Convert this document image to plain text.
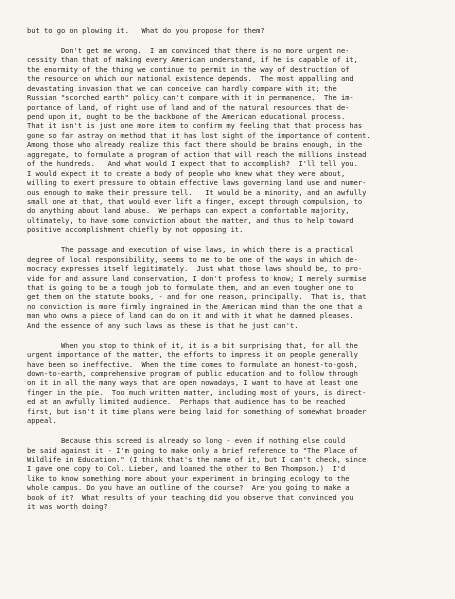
but to go on plowing it.   What do you propose for them?
Don't get me wrong.  I am convinced that there is no more urgent ne-
cessity than that of making every American understand, if he is capable of it,
the enormity of the thing we continue to permit in the way of destruction of
the resource on which our national existence depends.  The most appalling and
devastating invasion that we can conceive can hardly compare with it; the
Russian "scorched earth" policy can't compare with it in permanence.  The im-
portance of land, of right use of land and of the natural resources that de-
pend upon it, ought to be the backbone of the American educational process.
That it isn't is just one more item to confirm my feeling that that process has
gone so far astray on method that it has lost sight of the importance of content.
Among those who already realize this fact there should be brains enough, in the
aggregate, to formulate a program of action that will reach the millions instead
of the hundreds.   And what would I expect that to accomplish?  I'll tell you.
I would expect it to create a body of people who knew what they were about,
willing to exert pressure to obtain effective laws governing land use and numer-
ous enough to make their pressure tell.   It would be a minority, and an awfully
small one at that, that would ever lift a finger, except through compulsion, to
do anything about land abuse.  We perhaps can expect a comfortable majority,
ultimately, to have some conviction about the matter, and thus to help toward
positive accomplishment chiefly by not opposing it.
The passage and execution of wise laws, in which there is a practical
degree of local responsibility, seems to me to be one of the ways in which de-
mocracy expresses itself legitimately.  Just what those laws should be, to pro-
vide for and assure land conservation, I don't profess to know; I merely surmise
that is going to be a tough job to formulate them, and an even tougher one to
get them on the statute books, - and for one reason, principally.  That is, that
no conviction is more firmly ingrained in the American mind than the one that a
man who owns a piece of land can do on it and with it what he damned pleases.
And the essence of any such laws as these is that he just can't.
When you stop to think of it, it is a bit surprising that, for all the
urgent importance of the matter, the efforts to impress it on people generally
have been so ineffective.  When the time comes to formulate an honest-to-gosh,
down-to-earth, comprehensive program of public education and to follow through
on it in all the many ways that are open nowadays, I want to have at least one
finger in the pie.  Too much written matter, including most of yours, is direct-
ed at an awfully limited audience.  Perhaps that audience has to be reached
first, but isn't it time plans were being laid for something of somewhat broader
appeal.
Because this screed is already so long - even if nothing else could
be said against it - I'm going to make only a brief reference to "The Place of
Wildlife in Education." (I think that's the name of it, but I can't check, since
I gave one copy to Col. Lieber, and loaned the other to Ben Thompson.)  I'd
like to know something more about your experiment in bringing ecology to the
whole campus. Do you have an outline of the course?  Are you going to make a
book of it?  What results of your teaching did you observe that convinced you
it was worth doing?
